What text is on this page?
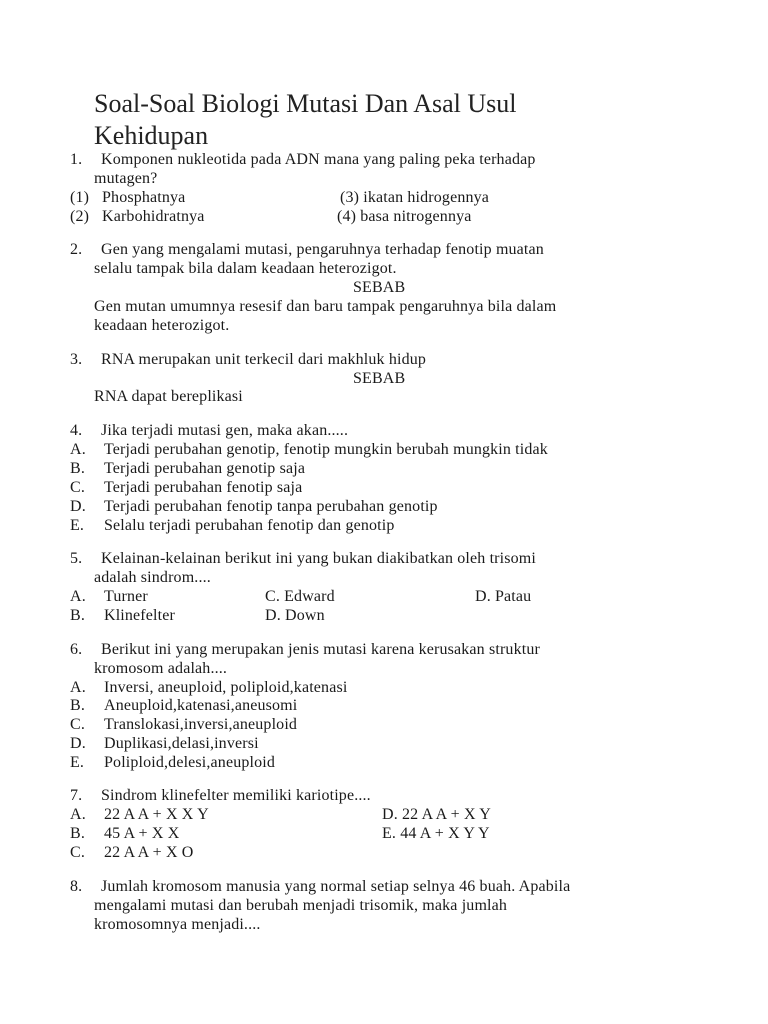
Soal-Soal Biologi Mutasi Dan Asal Usul
Kehidupan
1. Komponen nukleotida pada ADN mana yang paling peka terhadap
mutagen?
(1) Phosphatnya	(3) ikatan hidrogennya
(2) Karbohidratnya	(4) basa nitrogennya
2. Gen yang mengalami mutasi, pengaruhnya terhadap fenotip muatan
selalu tampak bila dalam keadaan heterozigot.
SEBAB
Gen mutan umumnya resesif dan baru tampak pengaruhnya bila dalam
keadaan heterozigot.
3. RNA merupakan unit terkecil dari makhluk hidup
SEBAB
RNA dapat bereplikasi
4. Jika terjadi mutasi gen, maka akan.....
A. Terjadi perubahan genotip, fenotip mungkin berubah mungkin tidak
B. Terjadi perubahan genotip saja
C. Terjadi perubahan fenotip saja
D. Terjadi perubahan fenotip tanpa perubahan genotip
E. Selalu terjadi perubahan fenotip dan genotip
5. Kelainan-kelainan berikut ini yang bukan diakibatkan oleh trisomi
adalah sindrom....
A. Turner	C. Edward	D. Patau
B. Klinefelter	D. Down
6. Berikut ini yang merupakan jenis mutasi karena kerusakan struktur
kromosom adalah....
A. Inversi, aneuploid, poliploid,katenasi
B. Aneuploid,katenasi,aneusomi
C. Translokasi,inversi,aneuploid
D. Duplikasi,delasi,inversi
E. Poliploid,delesi,aneuploid
7. Sindrom klinefelter memiliki kariotipe....
A. 22 A A + X X Y	D. 22 A A + X Y
B. 45 A + X X	E. 44 A + X Y Y
C. 22 A A + X O
8. Jumlah kromosom manusia yang normal setiap selnya 46 buah. Apabila
mengalami mutasi dan berubah menjadi trisomik, maka jumlah
kromosomnya menjadi....
